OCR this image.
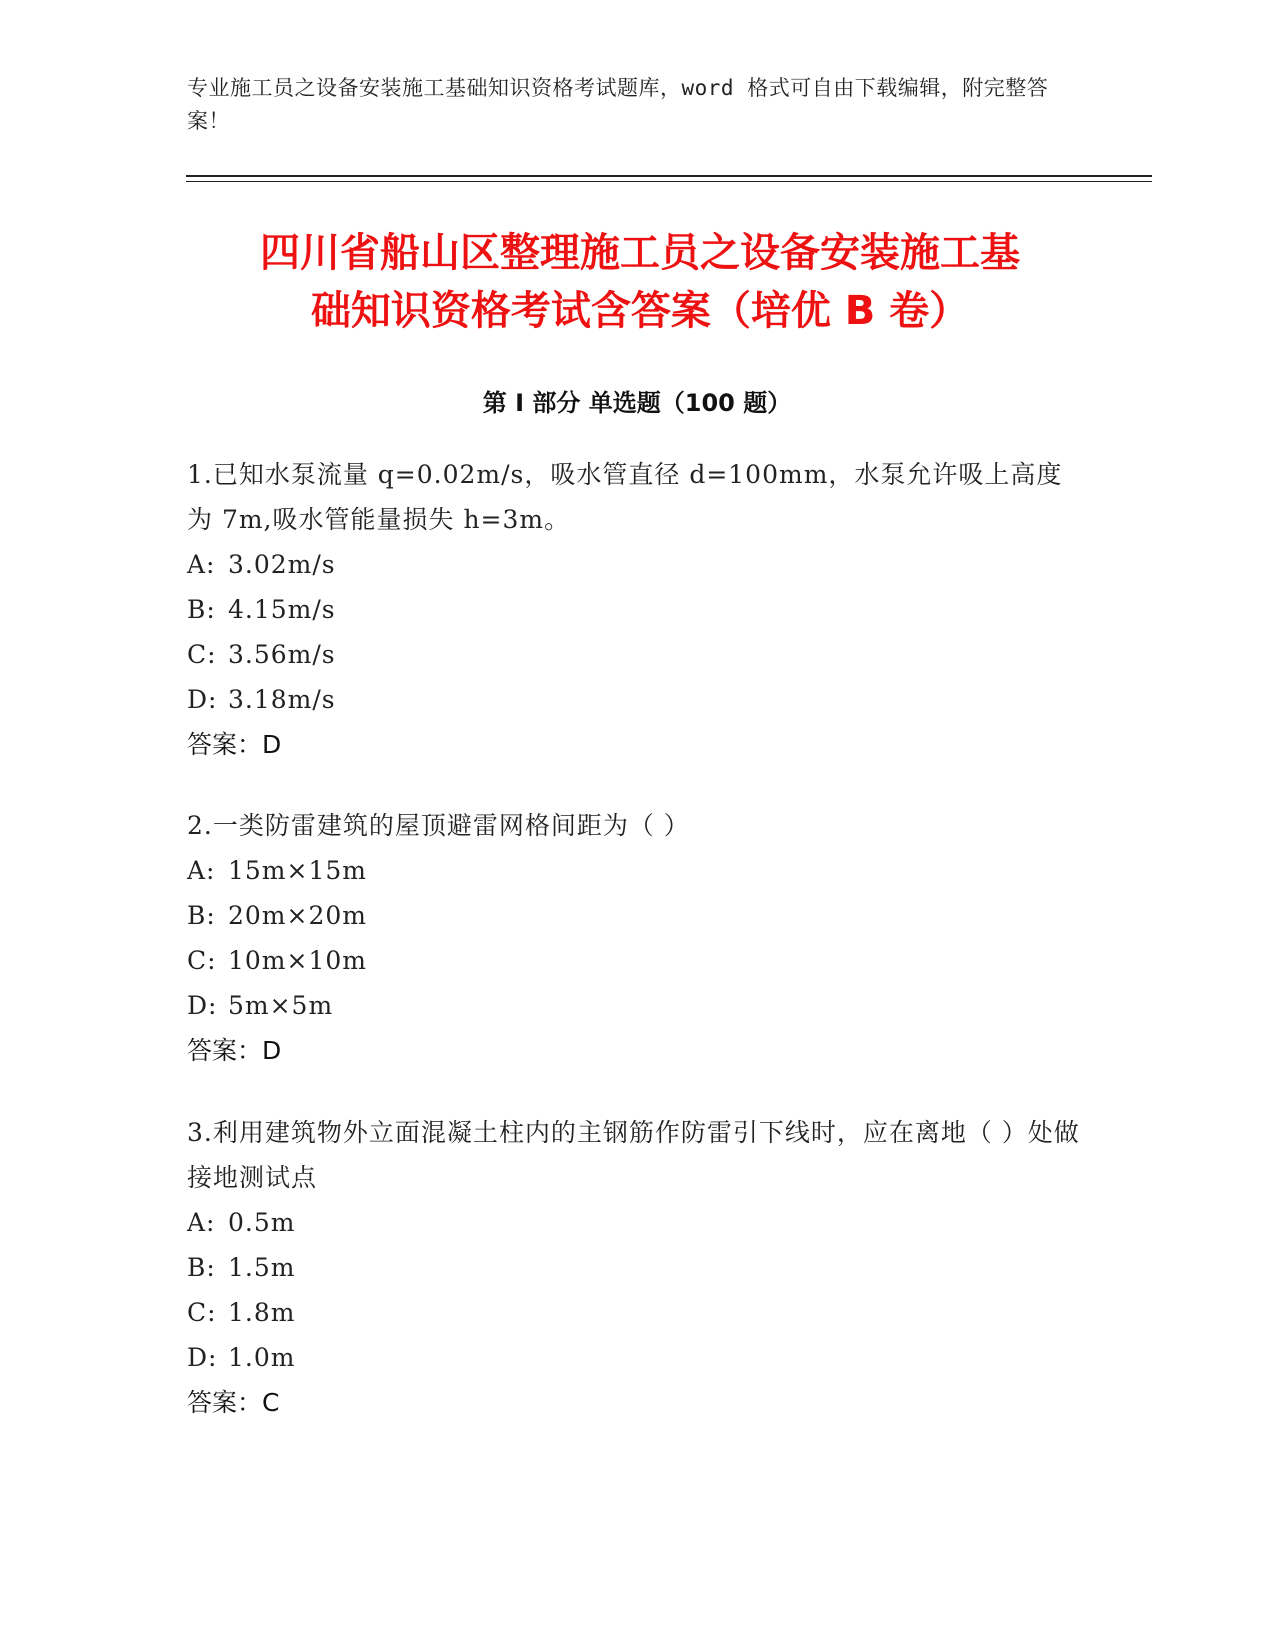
专业施工员之设备安装施工基础知识资格考试题库，word 格式可自由下载编辑，附完整答案！
四川省船山区整理施工员之设备安装施工基
础知识资格考试含答案（培优 B 卷）
第 I 部分 单选题（100 题）

1.已知水泵流量 q=0.02m/s，吸水管直径 d=100mm，水泵允许吸上高度为 7m,吸水管能量损失 h=3m。

A: 3.02m/s

B: 4.15m/s

C: 3.56m/s

D: 3.18m/s

答案：D

2.一类防雷建筑的屋顶避雷网格间距为（ ）

A: 15m×15m

B: 20m×20m

C: 10m×10m

D: 5m×5m

答案：D

3.利用建筑物外立面混凝土柱内的主钢筋作防雷引下线时，应在离地（ ）处做接地测试点

A: 0.5m

B: 1.5m

C: 1.8m

D: 1.0m

答案：C
